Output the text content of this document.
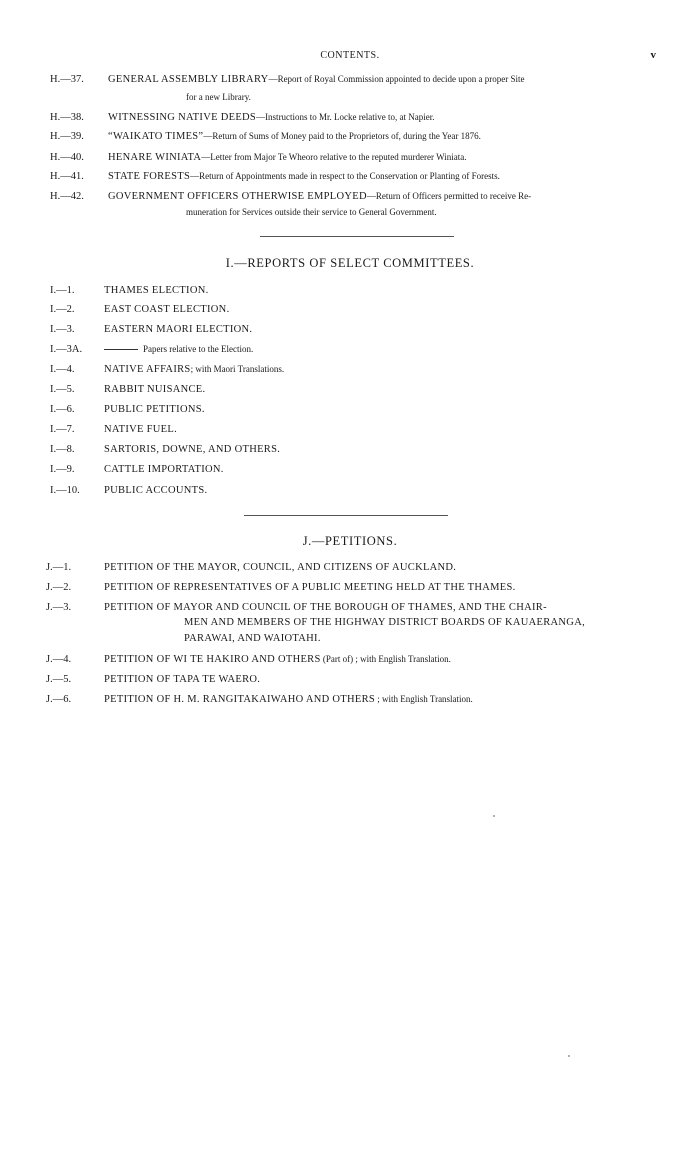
CONTENTS.	v
H.—37. GENERAL ASSEMBLY LIBRARY—Report of Royal Commission appointed to decide upon a proper Site
for a new Library.
H.—38. WITNESSING NATIVE DEEDS—Instructions to Mr. Locke relative to, at Napier.
H.—39. “WAIKATO TIMES”—Return of Sums of Money paid to the Proprietors of, during the Year 1876.
H.—40. HENARE WINIATA—Letter from Major Te Wheoro relative to the reputed murderer Winiata.
H.—41. STATE FORESTS—Return of Appointments made in respect to the Conservation or Planting of Forests.
H.—42. GOVERNMENT OFFICERS OTHERWISE EMPLOYED—Return of Officers permitted to receive Re-
muneration for Services outside their service to General Government.
I.—REPORTS OF SELECT COMMITTEES.
I.—1.	THAMES ELECTION.
I.—2.	EAST COAST ELECTION.
I.—3.	EASTERN MAORI ELECTION.
I.—3A.	Papers relative to the Election.
I.—4.	NATIVE AFFAIRS; with Maori Translations.
I.—5.	RABBIT NUISANCE.
I.—6.	PUBLIC PETITIONS.
I.—7.	NATIVE FUEL.
I.—8.	SARTORIS, DOWNE, AND OTHERS.
I.—9.	CATTLE IMPORTATION.
I.—10. PUBLIC ACCOUNTS.
J.—PETITIONS.
J.—1.	PETITION OF THE MAYOR, COUNCIL, AND CITIZENS OF AUCKLAND.
J.—2.	PETITION OF REPRESENTATIVES OF A PUBLIC MEETING HELD AT THE THAMES.
J.—3.	PETITION OF MAYOR AND COUNCIL OF THE BOROUGH OF THAMES, AND THE CHAIR-
MEN AND MEMBERS OF THE HIGHWAY DISTRICT BOARDS OF KAUAERANGA,
PARAWAI, AND WAIOTAHI.
J.—4.	PETITION OF WI TE HAKIRO AND OTHERS (Part of) ; with English Translation.
J.—5.	PETITION OF TAPA TE WAERO.
J.—6.	PETITION OF H. M. RANGITAKAIWAHO AND OTHERS ; with English Translation.
